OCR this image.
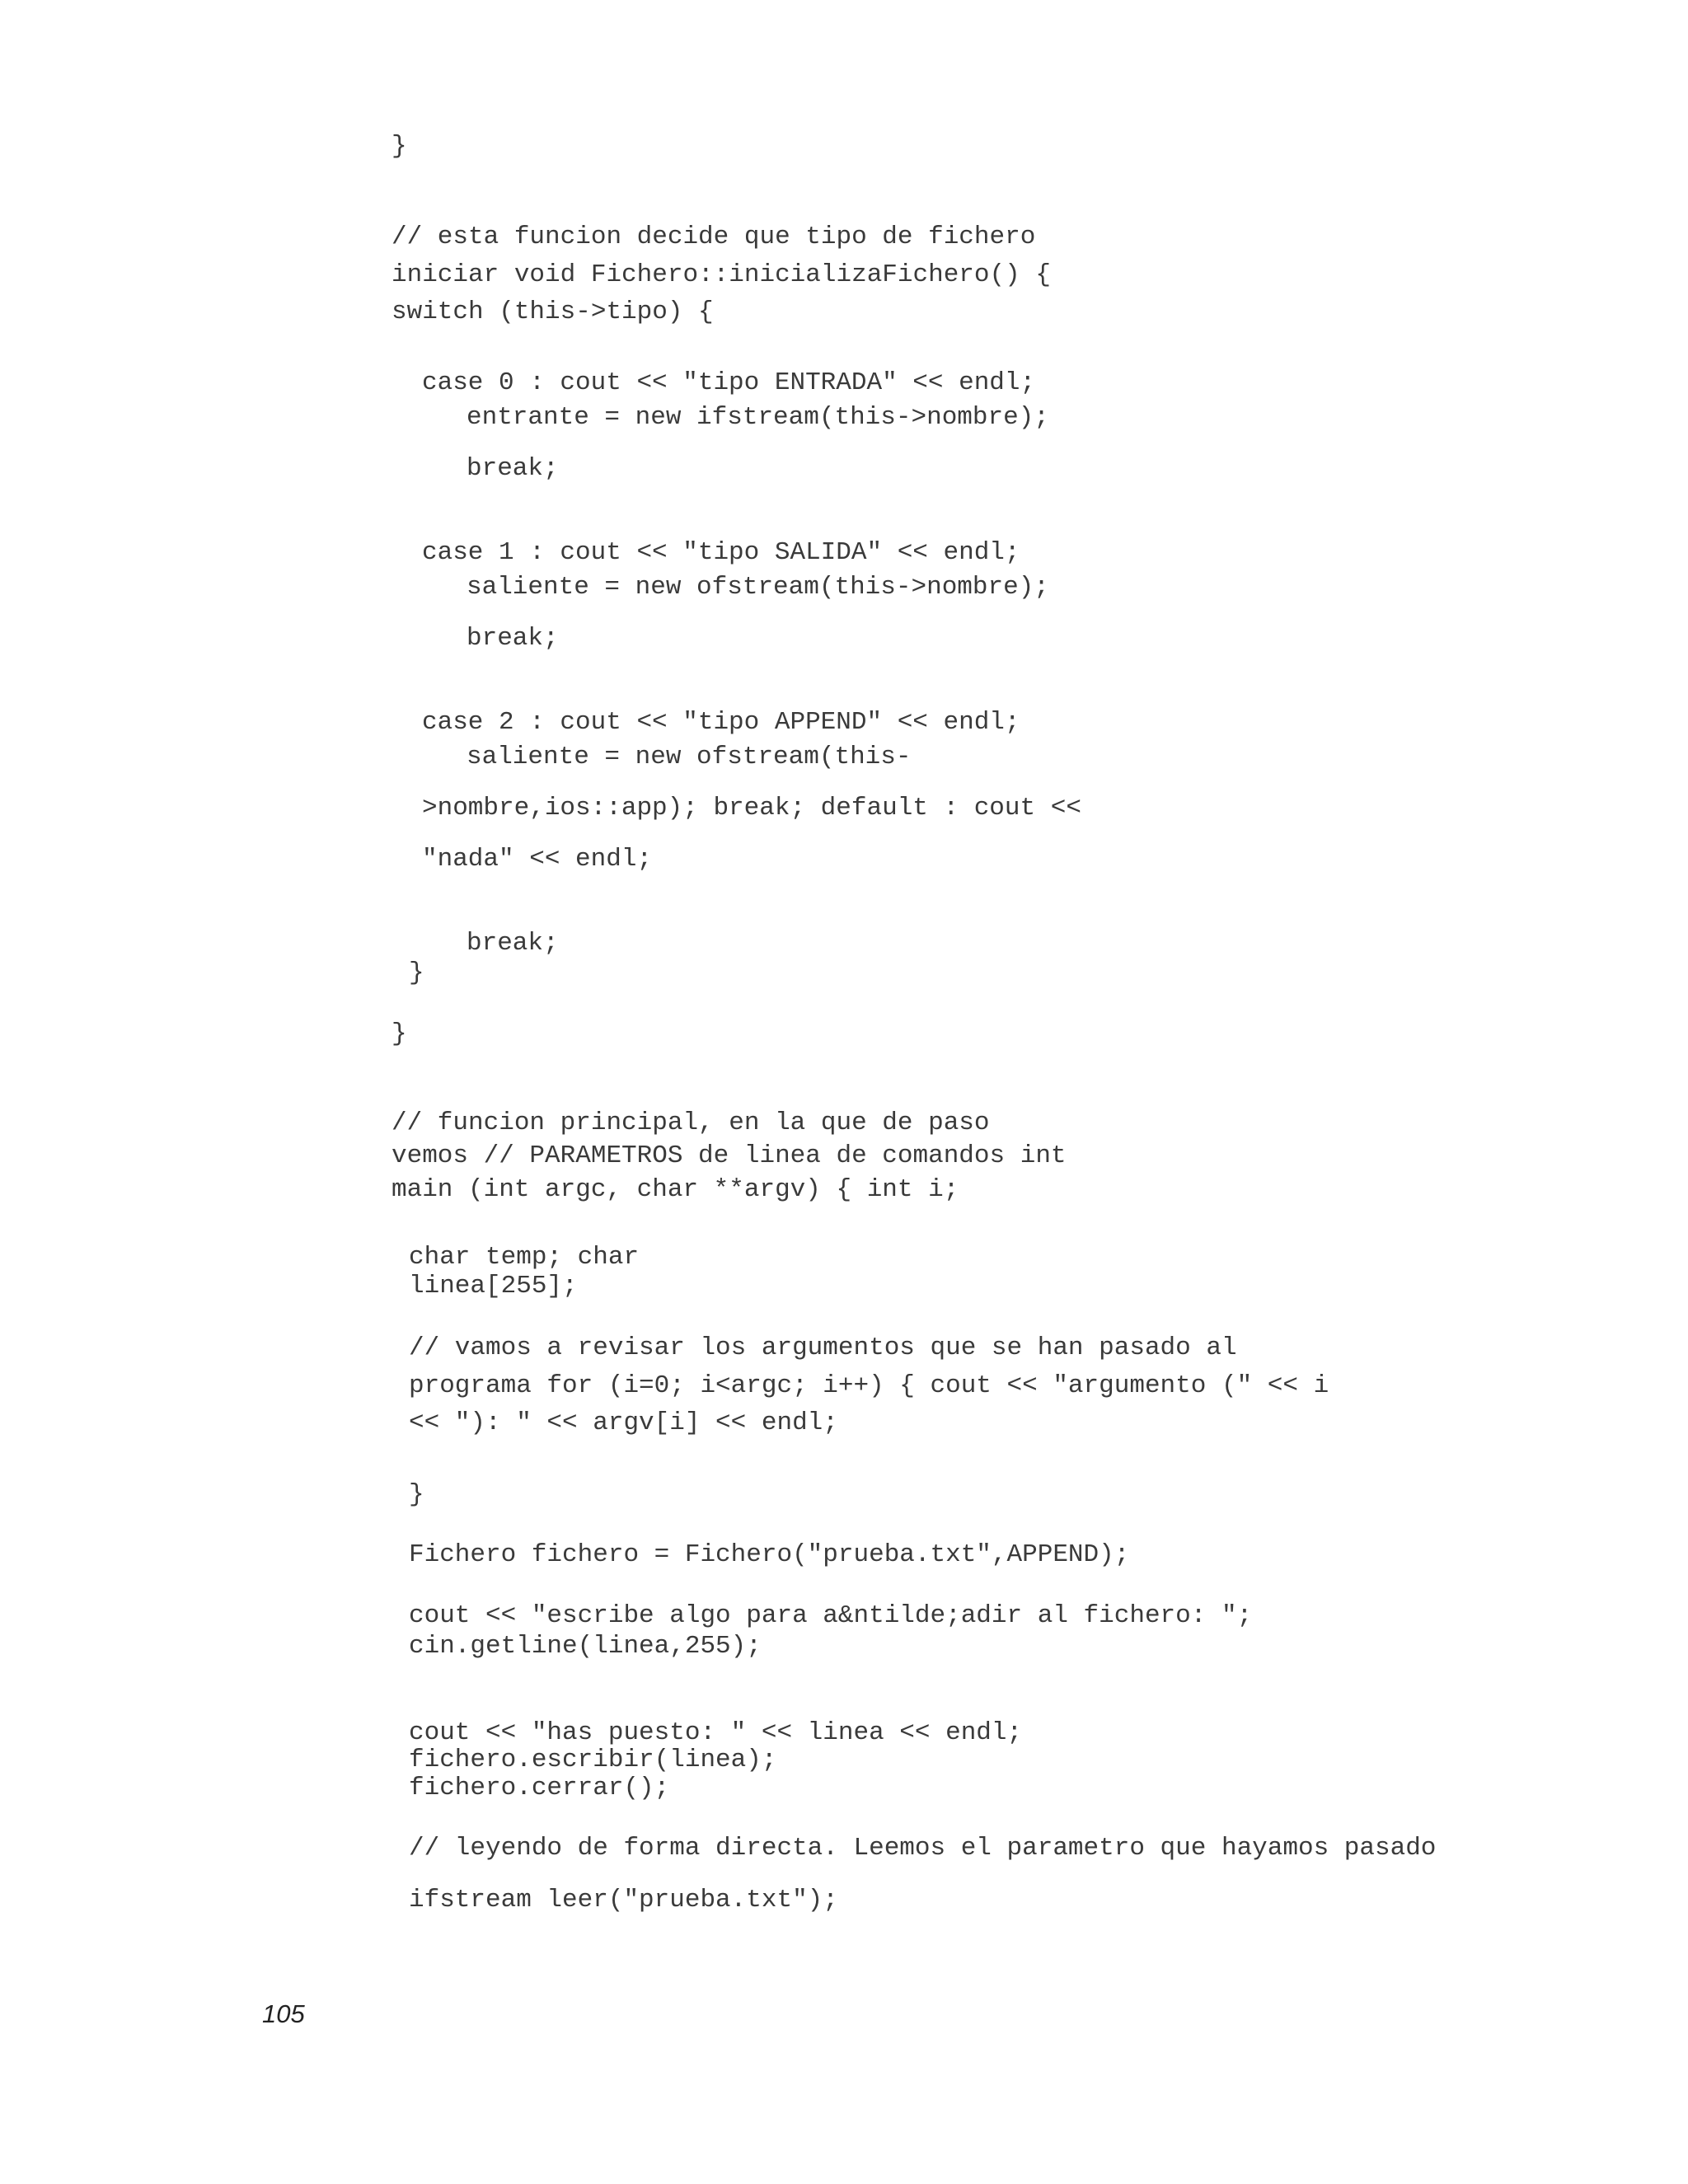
}
// esta funcion decide que tipo de fichero
iniciar void Fichero::inicializaFichero() {
switch (this->tipo) {
case 0 : cout << "tipo ENTRADA" << endl;
entrante = new ifstream(this->nombre);
break;
case 1 : cout << "tipo SALIDA" << endl;
saliente = new ofstream(this->nombre);
break;
case 2 : cout << "tipo APPEND" << endl;
saliente = new ofstream(this-
>nombre,ios::app); break; default : cout <<
"nada" << endl;
break;
}
}
// funcion principal, en la que de paso
vemos // PARAMETROS de linea de comandos int
main (int argc, char **argv) { int i;
char temp; char
linea[255];
// vamos a revisar los argumentos que se han pasado al
programa for (i=0; i<argc; i++) { cout << "argumento (" << i
<< "): " << argv[i] << endl;
}
Fichero fichero = Fichero("prueba.txt",APPEND);
cout << "escribe algo para a&ntilde;adir al fichero: ";
cin.getline(linea,255);
cout << "has puesto: " << linea << endl;
fichero.escribir(linea);
fichero.cerrar();
// leyendo de forma directa. Leemos el parametro que hayamos pasado
ifstream leer("prueba.txt");
105
